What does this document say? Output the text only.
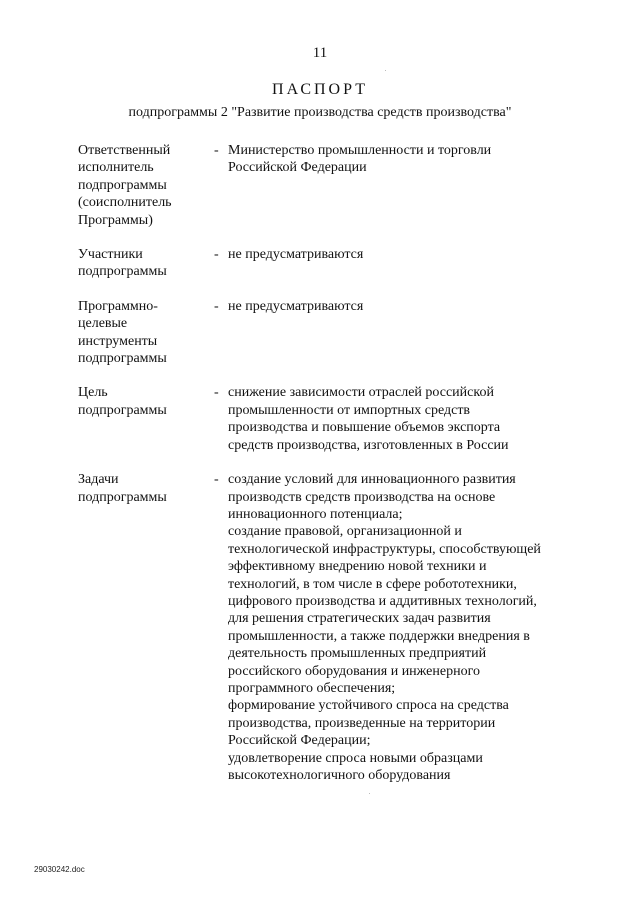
11
ПАСПОРТ
подпрограммы 2 "Развитие производства средств производства"
Ответственный
исполнитель
подпрограммы
(соисполнитель
Программы)
- Министерство промышленности и торговли
Российской Федерации
Участники
подпрограммы
- не предусматриваются
Программно-
целевые
инструменты
подпрограммы
- не предусматриваются
Цель
подпрограммы
- снижение зависимости отраслей российской
промышленности от импортных средств
производства и повышение объемов экспорта
средств производства, изготовленных в России
Задачи
подпрограммы
- создание условий для инновационного развития
производств средств производства на основе
инновационного потенциала;
создание правовой, организационной и
технологической инфраструктуры, способствующей
эффективному внедрению новой техники и
технологий, в том числе в сфере робототехники,
цифрового производства и аддитивных технологий,
для решения стратегических задач развития
промышленности, а также поддержки внедрения в
деятельность промышленных предприятий
российского оборудования и инженерного
программного обеспечения;
формирование устойчивого спроса на средства
производства, произведенные на территории
Российской Федерации;
удовлетворение спроса новыми образцами
высокотехнологичного оборудования
29030242.doc
